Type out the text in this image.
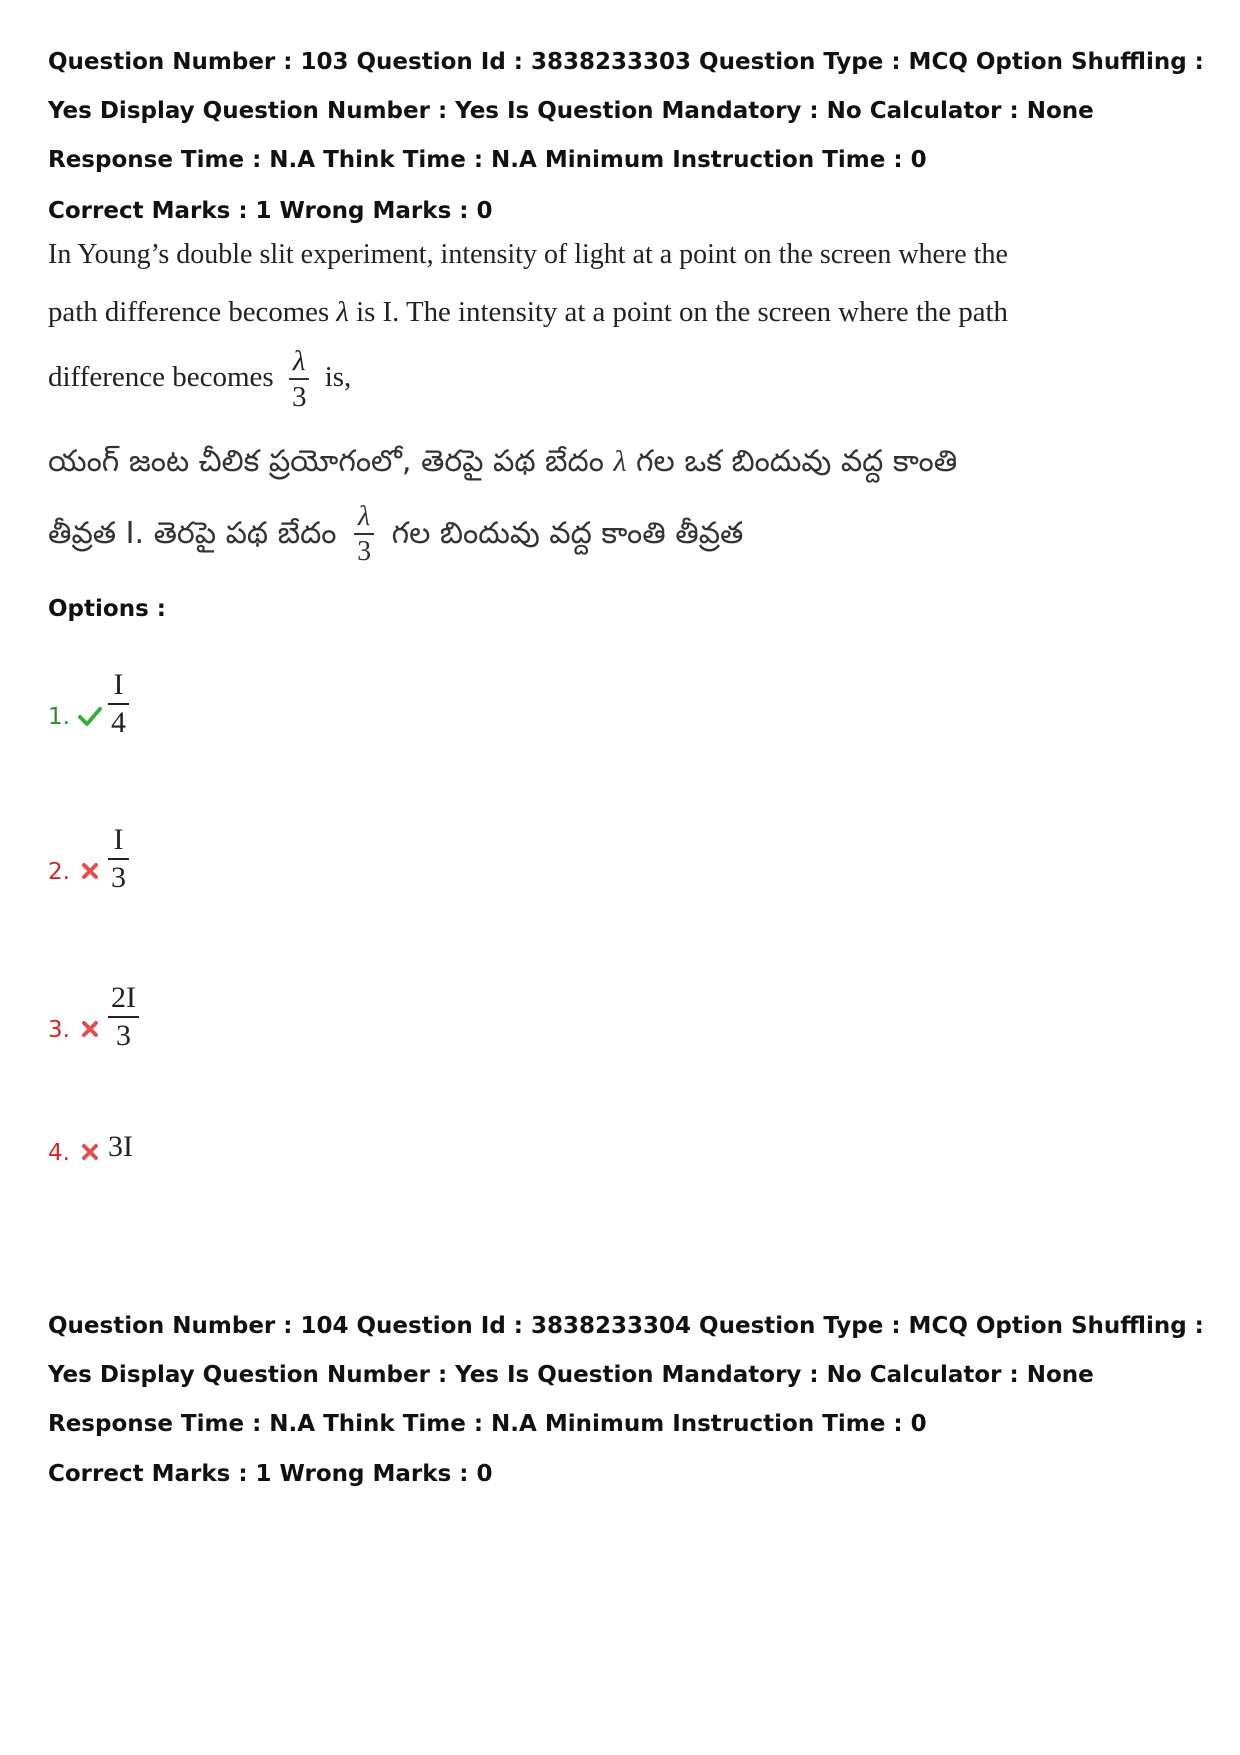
Question Number : 103 Question Id : 3838233303 Question Type : MCQ Option Shuffling : Yes Display Question Number : Yes Is Question Mandatory : No Calculator : None Response Time : N.A Think Time : N.A Minimum Instruction Time : 0
Correct Marks : 1 Wrong Marks : 0
In Young’s double slit experiment, intensity of light at a point on the screen where the
path difference becomes λ is I. The intensity at a point on the screen where the path
difference becomes $\frac{\lambda}{3}$ is,
యంగ్ జంట చీలిక ప్రయోగంలో, తెరపై పథ బేదం λ గల ఒక బిందువు వద్ద కాంతి
తీవ్రత I. తెరపై పథ బేదం $\frac{\lambda}{3}$ గల బిందువు వద్ద కాంతి తీవ్రత
Options :
1. $\frac{I}{4}$
2. $\frac{I}{3}$
3. $\frac{2I}{3}$
4. 3I
Question Number : 104 Question Id : 3838233304 Question Type : MCQ Option Shuffling : Yes Display Question Number : Yes Is Question Mandatory : No Calculator : None Response Time : N.A Think Time : N.A Minimum Instruction Time : 0
Correct Marks : 1 Wrong Marks : 0
